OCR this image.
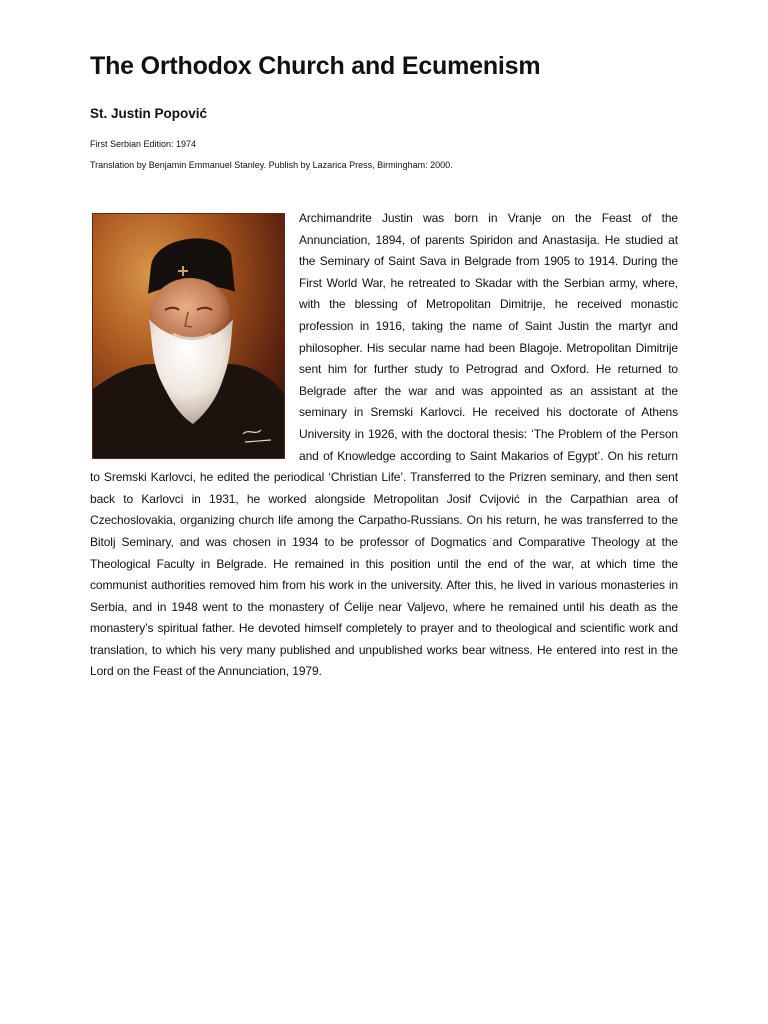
The Orthodox Church and Ecumenism
St. Justin Popović

First Serbian Edition: 1974

Translation by Benjamin Emmanuel Stanley. Publish by Lazarica Press, Birmingham: 2000.

Archimandrite Justin was born in Vranje on the Feast of the Annunciation, 1894, of parents Spiridon and Anastasija. He studied at the Seminary of Saint Sava in Belgrade from 1905 to 1914. During the First World War, he retreated to Skadar with the Serbian army, where, with the blessing of Metropolitan Dimitrije, he received monastic profession in 1916, taking the name of Saint Justin the martyr and philosopher. His secular name had been Blagoje. Metropolitan Dimitrije sent him for further study to Petrograd and Oxford. He returned to Belgrade after the war and was appointed as an assistant at the seminary in Sremski Karlovci. He received his doctorate of Athens University in 1926, with the doctoral thesis: ‘The Problem of the Person and of Knowledge according to Saint Makarios of Egypt’. On his return to Sremski Karlovci, he edited the periodical ‘Christian Life’. Transferred to the Prizren seminary, and then sent back to Karlovci in 1931, he worked alongside Metropolitan Josif Cvijović in the Carpathian area of Czechoslovakia, organizing church life among the Carpatho-Russians. On his return, he was transferred to the Bitolj Seminary, and was chosen in 1934 to be professor of Dogmatics and Comparative Theology at the Theological Faculty in Belgrade. He remained in this position until the end of the war, at which time the communist authorities removed him from his work in the university. After this, he lived in various monasteries in Serbia, and in 1948 went to the monastery of Ćelije near Valjevo, where he remained until his death as the monastery’s spiritual father. He devoted himself completely to prayer and to theological and scientific work and translation, to which his very many published and unpublished works bear witness. He entered into rest in the Lord on the Feast of the Annunciation, 1979.
